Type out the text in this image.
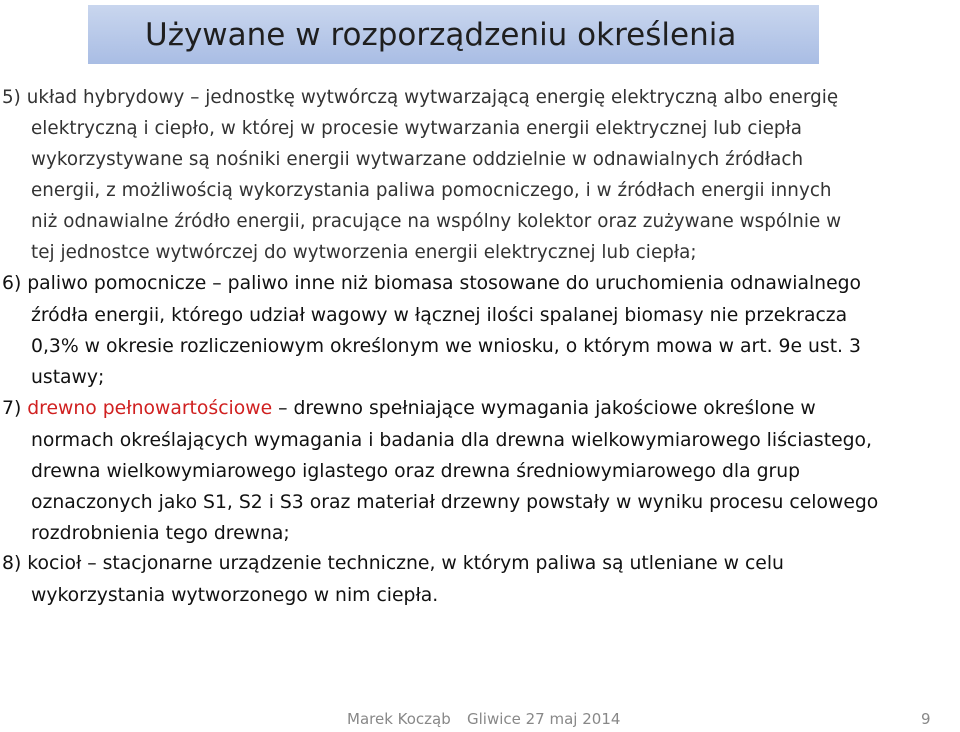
Używane w rozporządzeniu określenia
5) układ hybrydowy – jednostkę wytwórczą wytwarzającą energię elektryczną albo energię
elektryczną i ciepło, w której w procesie wytwarzania energii elektrycznej lub ciepła
wykorzystywane są nośniki energii wytwarzane oddzielnie w odnawialnych źródłach
energii, z możliwością wykorzystania paliwa pomocniczego, i w źródłach energii innych
niż odnawialne źródło energii, pracujące na wspólny kolektor oraz zużywane wspólnie w
tej jednostce wytwórczej do wytworzenia energii elektrycznej lub ciepła;
6) paliwo pomocnicze – paliwo inne niż biomasa stosowane do uruchomienia odnawialnego
źródła energii, którego udział wagowy w łącznej ilości spalanej biomasy nie przekracza
0,3% w okresie rozliczeniowym określonym we wniosku, o którym mowa w art. 9e ust. 3
ustawy;
7) drewno pełnowartościowe – drewno spełniające wymagania jakościowe określone w
normach określających wymagania i badania dla drewna wielkowymiarowego liściastego,
drewna wielkowymiarowego iglastego oraz drewna średniowymiarowego dla grup
oznaczonych jako S1, S2 i S3 oraz materiał drzewny powstały w wyniku procesu celowego
rozdrobnienia tego drewna;
8) kocioł – stacjonarne urządzenie techniczne, w którym paliwa są utleniane w celu
wykorzystania wytworzonego w nim ciepła.
Marek Kocząb Gliwice 27 maj 2014	9
